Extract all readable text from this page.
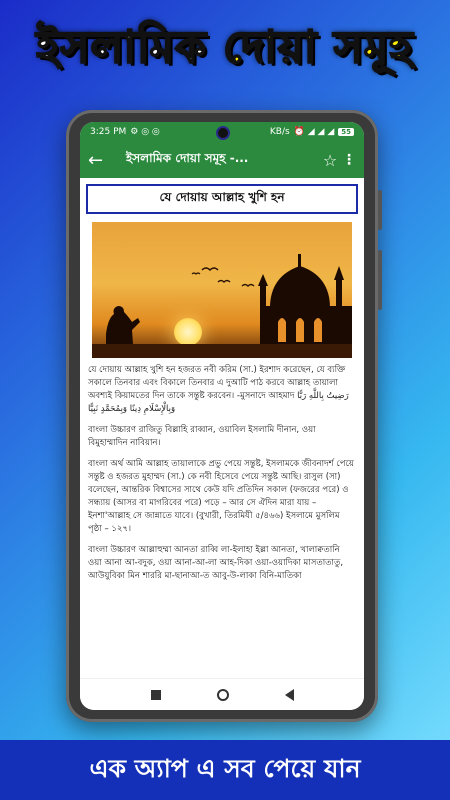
ইসলামিক দোয়া সমূহ
3:25 PM ⚙ ◎ ◎	KB/s ⏰ ◢ ◢ ◢	55
←	ইসলামিক দোয়া সমূহ -...	☆ ⋮
যে দোয়ায় আল্লাহ খুশি হন

যে দোয়ায় আল্লাহ খুশি হন হজরত নবী করিম (সা.) ইরশাদ করেছেন, যে ব্যক্তি সকালে তিনবার এবং বিকালে তিনবার এ দুআটি পাঠ করবে আল্লাহ তায়ালা অবশ্যই কিয়ামতের দিন তাকে সন্তুষ্ট করবেন। -মুসনাদে আহমাদ رَضِيتُ بِاللَّهِ رَبًّا وَبِالْإِسْلَامِ دِينًا وَبِمُحَمَّدٍ نَبِيًّا

বাংলা উচ্চারণ রাজিতু বিল্লাহি রাব্বান, ওয়াবিল ইসলামি দীনান, ওয়া বিমুহাম্মাদিন নাবিয়ান।

বাংলা অর্থ আমি আল্লাহ তায়ালাকে প্রভু পেয়ে সন্তুষ্ট, ইসলামকে জীবনাদর্শ পেয়ে সন্তুষ্ট ও হজরত মুহাম্মদ (সা.) কে নবী হিসেবে পেয়ে সন্তুষ্ট আছি। রাসুল (সা) বলেছেন, আন্তরিক বিশ্বাসের সাথে কেউ যদি প্রতিদিন সকাল (ফজরের পরে) ও সন্ধ্যায় (আসর বা মাগরিবের পরে) পড়ে – আর সে ঐদিন মারা যায় – ইনশা'আল্লাহ সে জান্নাতে যাবে। (বুখারী, তিরমিযী ৫/৪৬৬) ইসলামে মুসলিম পৃষ্ঠা – ১২৭।

বাংলা উচ্চারণ আল্লাহুম্মা আনতা রাব্বি লা-ইলাহা ইল্লা আনতা, খালাক্বতানি ওয়া আনা আ-বদুক, ওয়া আনা-আ-লা আহ-দিকা ওয়া-ওয়াদিকা মাসতাতাতু, আউযুবিকা মিন শাররি মা-ছানাআ-ত আবু-উ-লাকা বিনি-মাতিকা

এক অ্যাপ এ সব পেয়ে যান
